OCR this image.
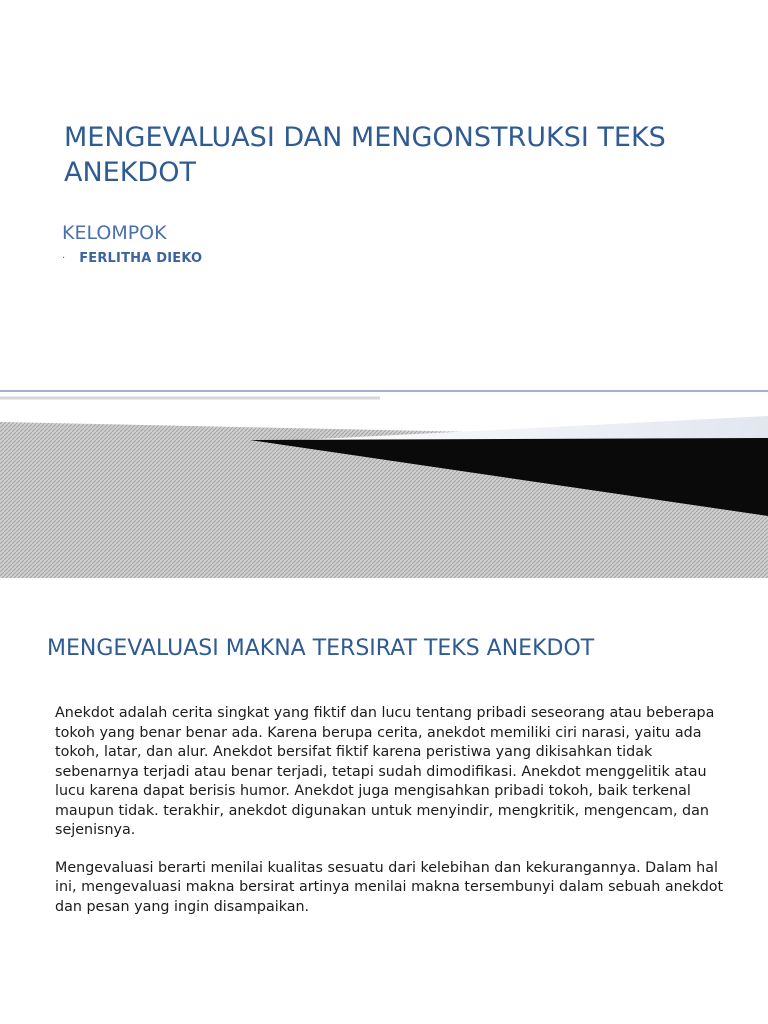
MENGEVALUASI DAN MENGONSTRUKSI TEKS ANEKDOT
KELOMPOK
· FERLITHA DIEKO
MENGEVALUASI MAKNA TERSIRAT TEKS ANEKDOT

Anekdot adalah cerita singkat yang fiktif dan lucu tentang pribadi seseorang atau beberapa tokoh yang benar benar ada. Karena berupa cerita, anekdot memiliki ciri narasi, yaitu ada tokoh, latar, dan alur. Anekdot bersifat fiktif karena peristiwa yang dikisahkan tidak sebenarnya terjadi atau benar terjadi, tetapi sudah dimodifikasi. Anekdot menggelitik atau lucu karena dapat berisis humor. Anekdot juga mengisahkan pribadi tokoh, baik terkenal maupun tidak. terakhir, anekdot digunakan untuk menyindir, mengkritik, mengencam, dan sejenisnya.

Mengevaluasi berarti menilai kualitas sesuatu dari kelebihan dan kekurangannya. Dalam hal ini, mengevaluasi makna bersirat artinya menilai makna tersembunyi dalam sebuah anekdot dan pesan yang ingin disampaikan.
